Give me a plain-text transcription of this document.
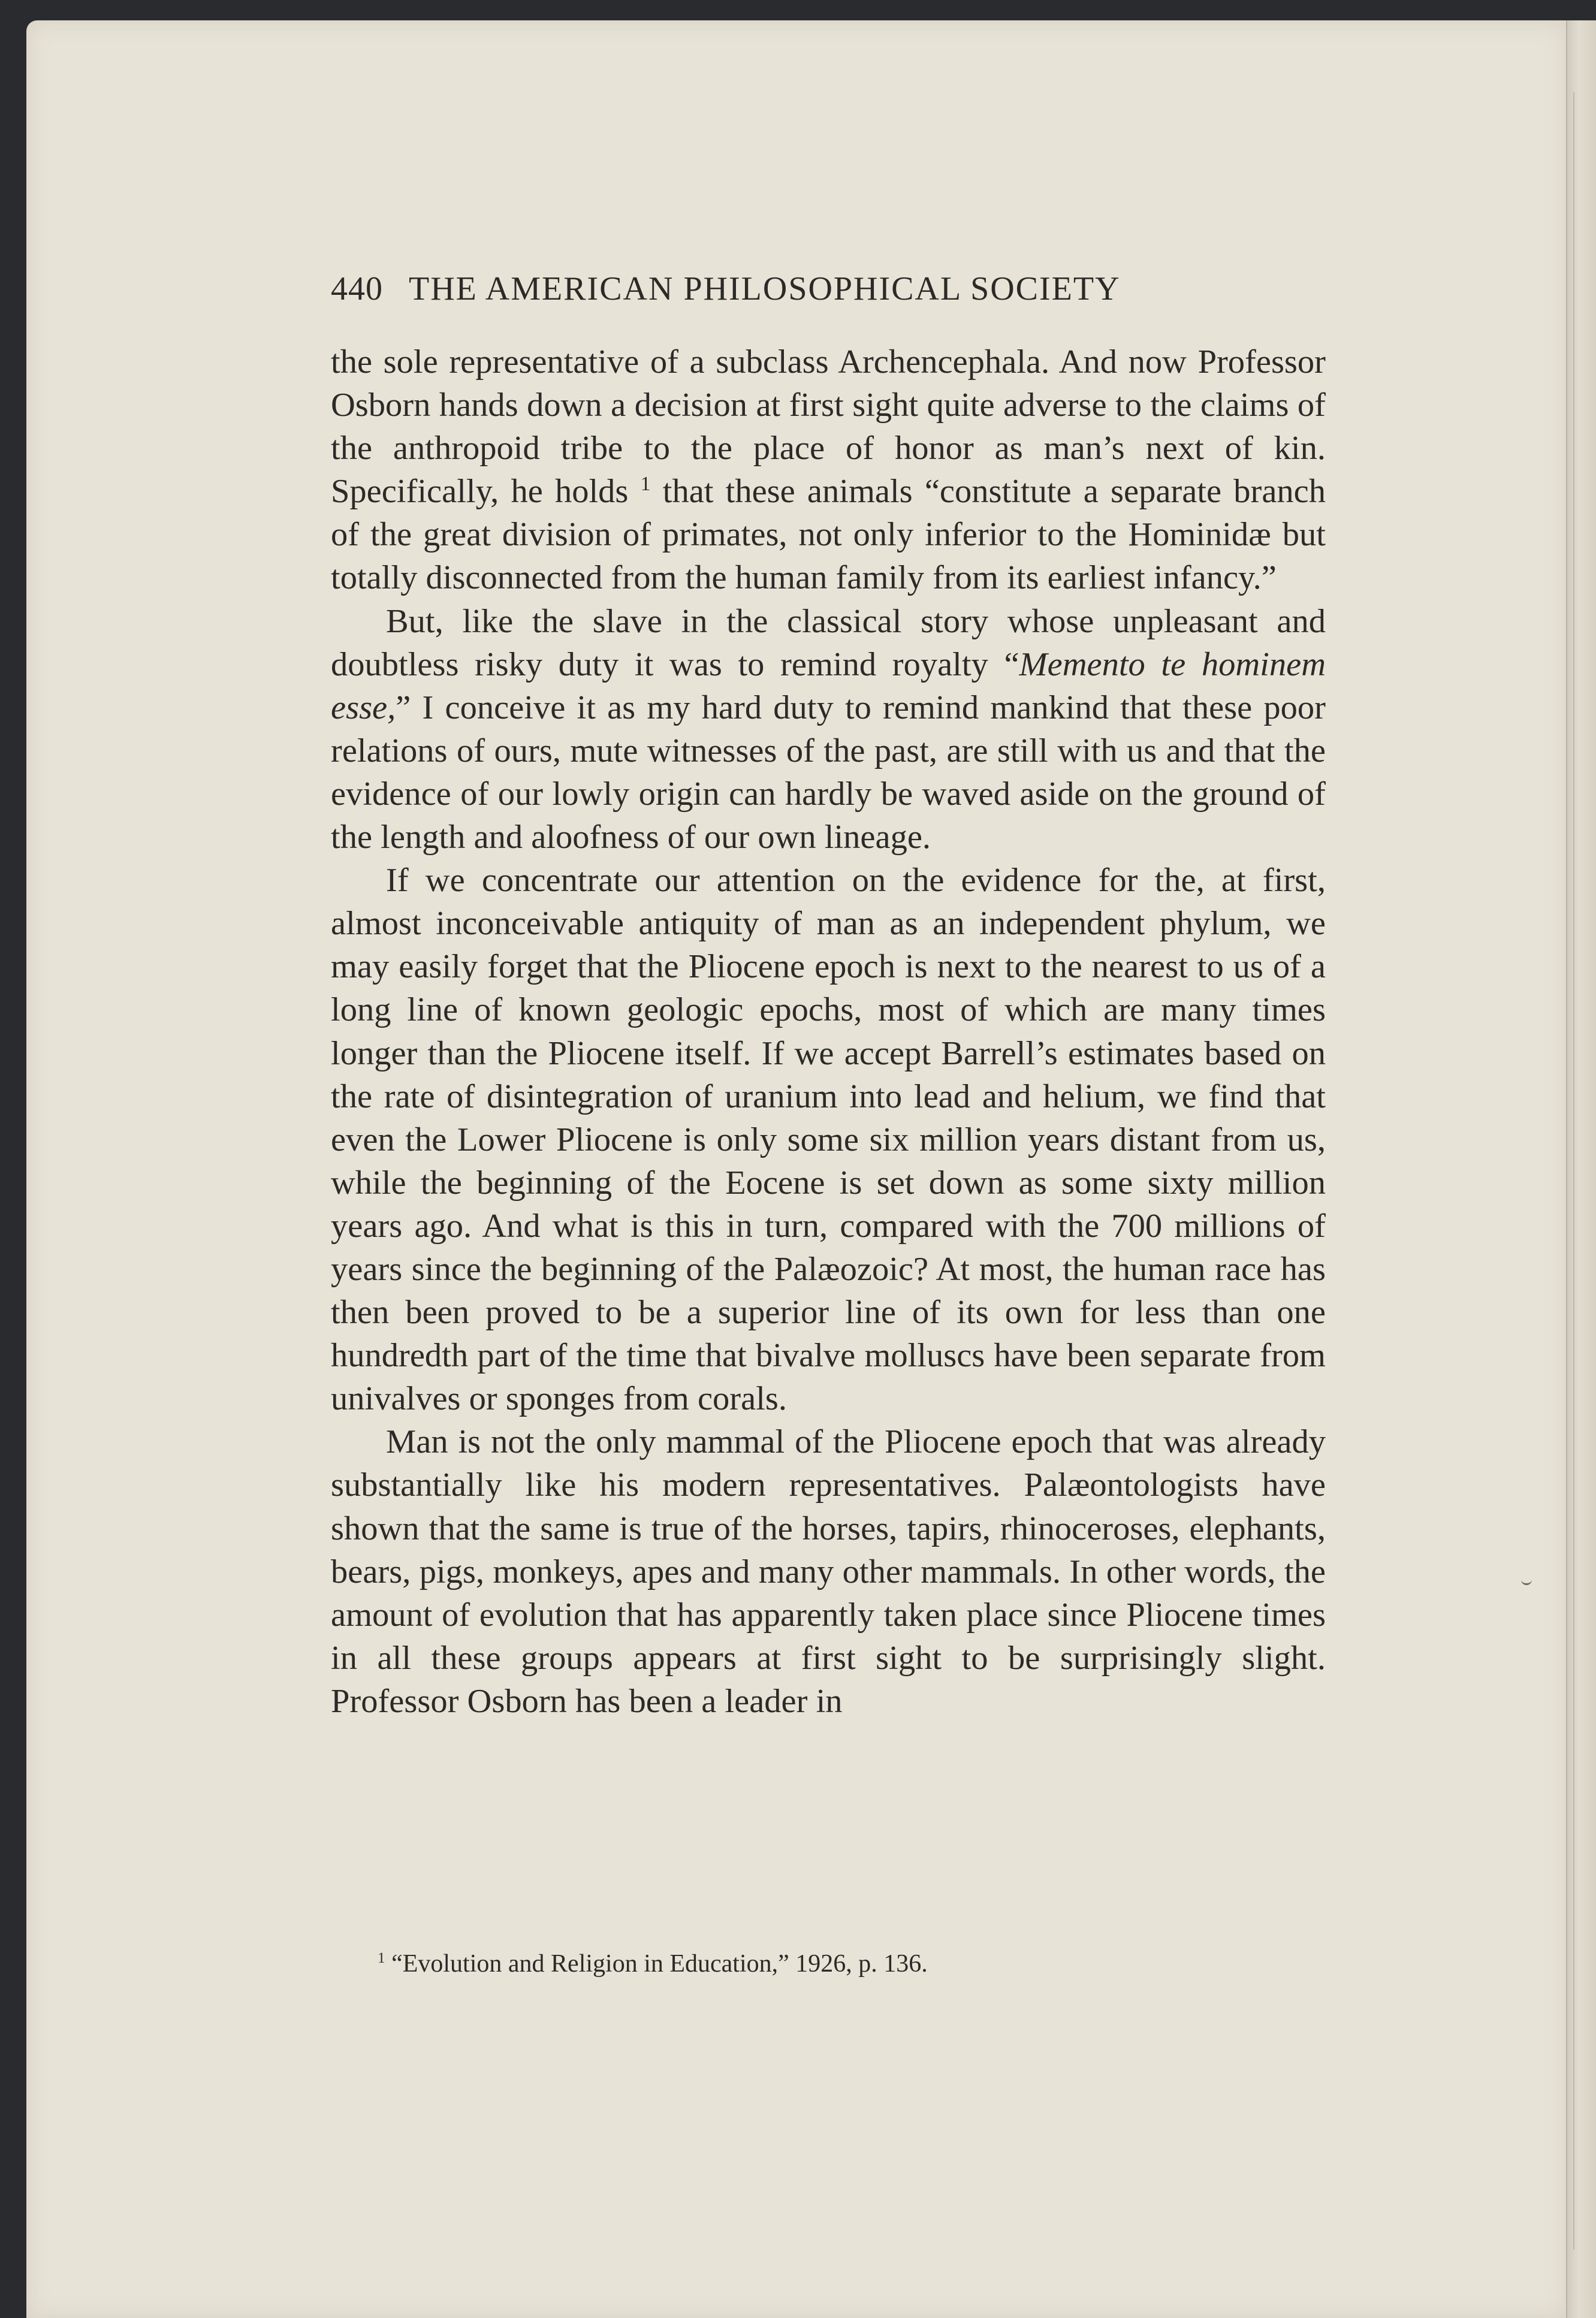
440 THE AMERICAN PHILOSOPHICAL SOCIETY

the sole representative of a subclass Archencephala. And now Professor Osborn hands down a decision at first sight quite adverse to the claims of the anthropoid tribe to the place of honor as man’s next of kin. Specifically, he holds $^1$ that these animals “constitute a separate branch of the great division of primates, not only inferior to the Hominidæ but totally disconnected from the human family from its earliest infancy.”

But, like the slave in the classical story whose unpleasant and doubtless risky duty it was to remind royalty “Memento te hominem esse,” I conceive it as my hard duty to remind mankind that these poor relations of ours, mute witnesses of the past, are still with us and that the evidence of our lowly origin can hardly be waved aside on the ground of the length and aloofness of our own lineage.

If we concentrate our attention on the evidence for the, at first, almost inconceivable antiquity of man as an independent phylum, we may easily forget that the Pliocene epoch is next to the nearest to us of a long line of known geologic epochs, most of which are many times longer than the Pliocene itself. If we accept Barrell’s estimates based on the rate of disintegration of uranium into lead and helium, we find that even the Lower Pliocene is only some six million years distant from us, while the beginning of the Eocene is set down as some sixty million years ago. And what is this in turn, compared with the 700 millions of years since the beginning of the Palæozoic? At most, the human race has then been proved to be a superior line of its own for less than one hundredth part of the time that bivalve molluscs have been separate from univalves or sponges from corals.

Man is not the only mammal of the Pliocene epoch that was already substantially like his modern representatives. Palæontologists have shown that the same is true of the horses, tapirs, rhinoceroses, elephants, bears, pigs, monkeys, apes and many other mammals. In other words, the amount of evolution that has apparently taken place since Pliocene times in all these groups appears at first sight to be surprisingly slight. Professor Osborn has been a leader in

$^1$ “Evolution and Religion in Education,” 1926, p. 136.
